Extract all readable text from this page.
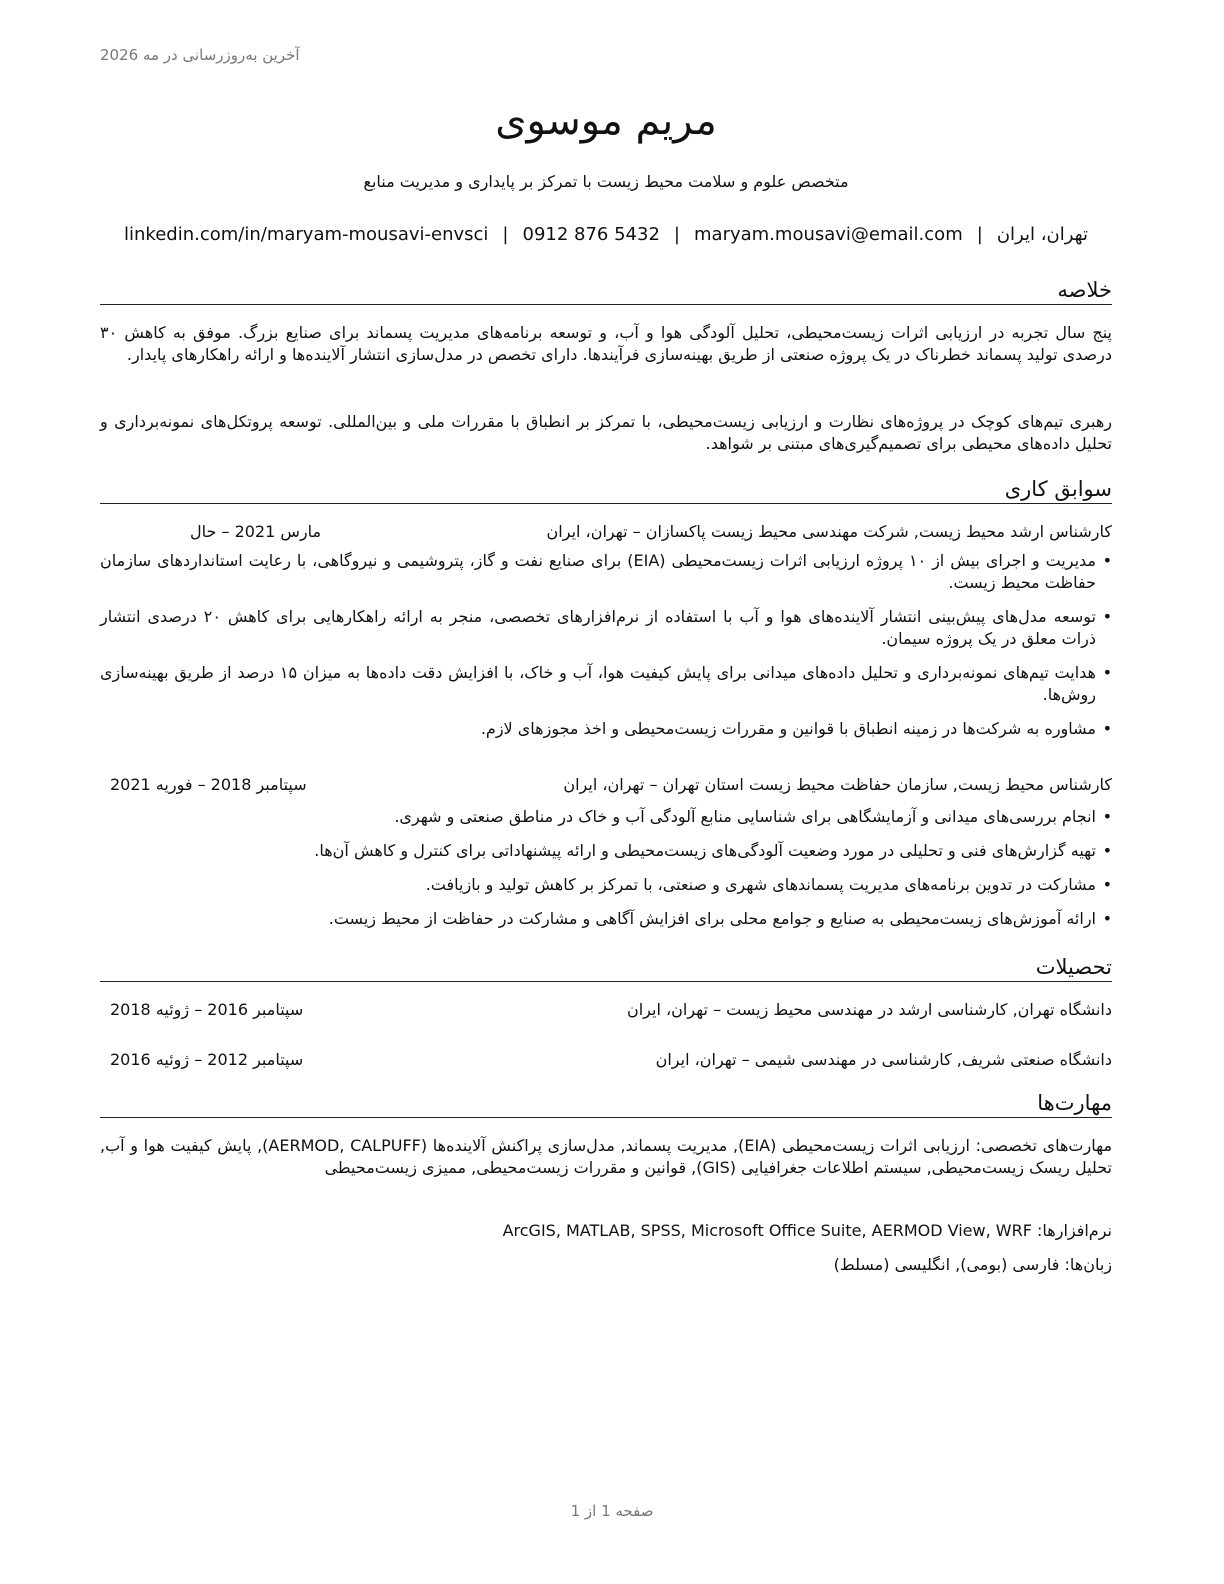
آخرین به‌روزرسانی در مه 2026
مریم موسوی
متخصص علوم و سلامت محیط زیست با تمرکز بر پایداری و مدیریت منابع
تهران، ایران|maryam.mousavi@email.com|0912 876 5432|linkedin.com/in/maryam-mousavi-envsci
خلاصه
پنج سال تجربه در ارزیابی اثرات زیست‌محیطی، تحلیل آلودگی هوا و آب، و توسعه برنامه‌های مدیریت پسماند برای صنایع بزرگ. موفق به کاهش ۳۰ درصدی تولید پسماند خطرناک در یک پروژه صنعتی از طریق بهینه‌سازی فرآیندها. دارای تخصص در مدل‌سازی انتشار آلاینده‌ها و ارائه راهکارهای پایدار.
رهبری تیم‌های کوچک در پروژه‌های نظارت و ارزیابی زیست‌محیطی، با تمرکز بر انطباق با مقررات ملی و بین‌المللی. توسعه پروتکل‌های نمونه‌برداری و تحلیل داده‌های محیطی برای تصمیم‌گیری‌های مبتنی بر شواهد.
سوابق کاری
کارشناس ارشد محیط زیست, شرکت مهندسی محیط زیست پاکسازان – تهران، ایران
مارس 2021 – حال
• مدیریت و اجرای بیش از ۱۰ پروژه ارزیابی اثرات زیست‌محیطی (EIA) برای صنایع نفت و گاز، پتروشیمی و نیروگاهی، با رعایت استانداردهای سازمان حفاظت محیط زیست.
• توسعه مدل‌های پیش‌بینی انتشار آلاینده‌های هوا و آب با استفاده از نرم‌افزارهای تخصصی، منجر به ارائه راهکارهایی برای کاهش ۲۰ درصدی انتشار ذرات معلق در یک پروژه سیمان.
• هدایت تیم‌های نمونه‌برداری و تحلیل داده‌های میدانی برای پایش کیفیت هوا، آب و خاک، با افزایش دقت داده‌ها به میزان ۱۵ درصد از طریق بهینه‌سازی روش‌ها.
• مشاوره به شرکت‌ها در زمینه انطباق با قوانین و مقررات زیست‌محیطی و اخذ مجوزهای لازم.
کارشناس محیط زیست, سازمان حفاظت محیط زیست استان تهران – تهران، ایران
سپتامبر 2018 – فوریه 2021
• انجام بررسی‌های میدانی و آزمایشگاهی برای شناسایی منابع آلودگی آب و خاک در مناطق صنعتی و شهری.
• تهیه گزارش‌های فنی و تحلیلی در مورد وضعیت آلودگی‌های زیست‌محیطی و ارائه پیشنهاداتی برای کنترل و کاهش آن‌ها.
• مشارکت در تدوین برنامه‌های مدیریت پسماندهای شهری و صنعتی، با تمرکز بر کاهش تولید و بازیافت.
• ارائه آموزش‌های زیست‌محیطی به صنایع و جوامع محلی برای افزایش آگاهی و مشارکت در حفاظت از محیط زیست.
تحصیلات
دانشگاه تهران, کارشناسی ارشد در مهندسی محیط زیست – تهران، ایران
سپتامبر 2016 – ژوئیه 2018
دانشگاه صنعتی شریف, کارشناسی در مهندسی شیمی – تهران، ایران
سپتامبر 2012 – ژوئیه 2016
مهارت‌ها
مهارت‌های تخصصی: ارزیابی اثرات زیست‌محیطی (EIA), مدیریت پسماند, مدل‌سازی پراکنش آلاینده‌ها (AERMOD, CALPUFF), پایش کیفیت هوا و آب, تحلیل ریسک زیست‌محیطی, سیستم اطلاعات جغرافیایی (GIS), قوانین و مقررات زیست‌محیطی, ممیزی زیست‌محیطی
نرم‌افزارها: ArcGIS, MATLAB, SPSS, Microsoft Office Suite, AERMOD View, WRF
زبان‌ها: فارسی (بومی), انگلیسی (مسلط)
صفحه 1 از 1
